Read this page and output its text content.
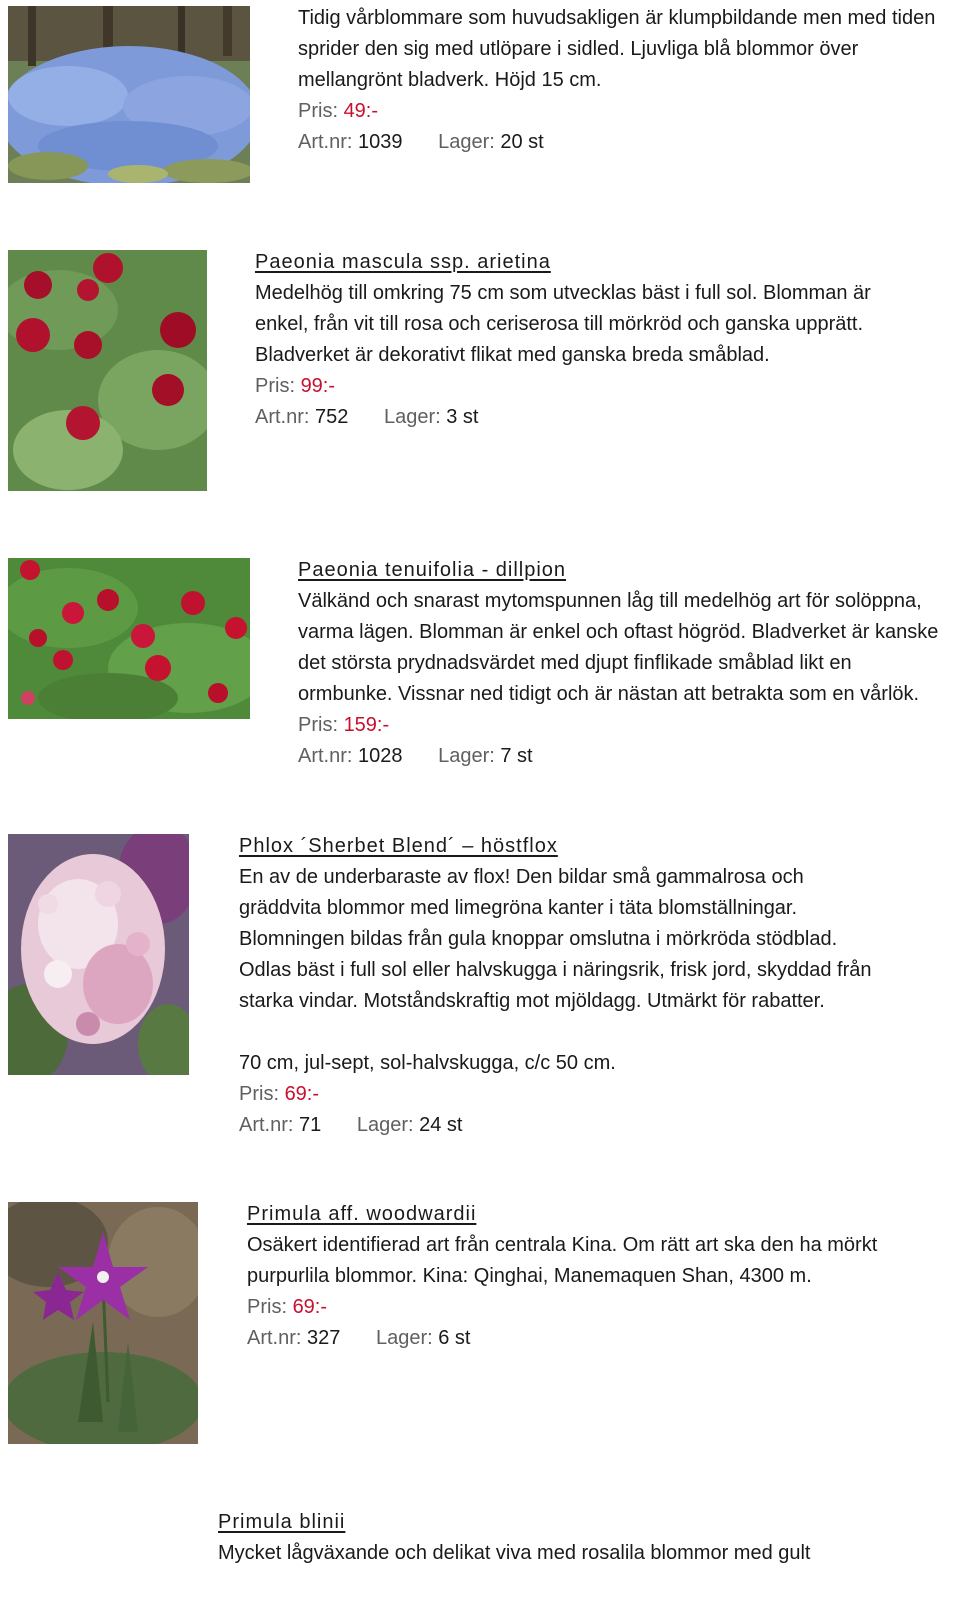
Tidig vårblommare som huvudsakligen är klumpbildande men med tiden sprider den sig med utlöpare i sidled. Ljuvliga blå blommor över mellangrönt bladverk. Höjd 15 cm.
Pris: 49:-
Art.nr: 1039 Lager: 20 st
Paeonia mascula ssp. arietina
Medelhög till omkring 75 cm som utvecklas bäst i full sol. Blomman är enkel, från vit till rosa och ceriserosa till mörkröd och ganska upprätt. Bladverket är dekorativt flikat med ganska breda småblad.
Pris: 99:-
Art.nr: 752 Lager: 3 st
Paeonia tenuifolia - dillpion
Välkänd och snarast mytomspunnen låg till medelhög art för solöppna, varma lägen. Blomman är enkel och oftast högröd. Bladverket är kanske det största prydnadsvärdet med djupt finflikade småblad likt en ormbunke. Vissnar ned tidigt och är nästan att betrakta som en vårlök.
Pris: 159:-
Art.nr: 1028 Lager: 7 st
Phlox ´Sherbet Blend´ – höstflox
En av de underbaraste av flox! Den bildar små gammalrosa och gräddvita blommor med limegröna kanter i täta blomställningar. Blomningen bildas från gula knoppar omslutna i mörkröda stödblad. Odlas bäst i full sol eller halvskugga i näringsrik, frisk jord, skyddad från starka vindar. Motståndskraftig mot mjöldagg. Utmärkt för rabatter.
70 cm, jul-sept, sol-halvskugga, c/c 50 cm.
Pris: 69:-
Art.nr: 71 Lager: 24 st
Primula aff. woodwardii
Osäkert identifierad art från centrala Kina. Om rätt art ska den ha mörkt purpurlila blommor. Kina: Qinghai, Manemaquen Shan, 4300 m.
Pris: 69:-
Art.nr: 327 Lager: 6 st
Primula blinii
Mycket lågväxande och delikat viva med rosalila blommor med gult
